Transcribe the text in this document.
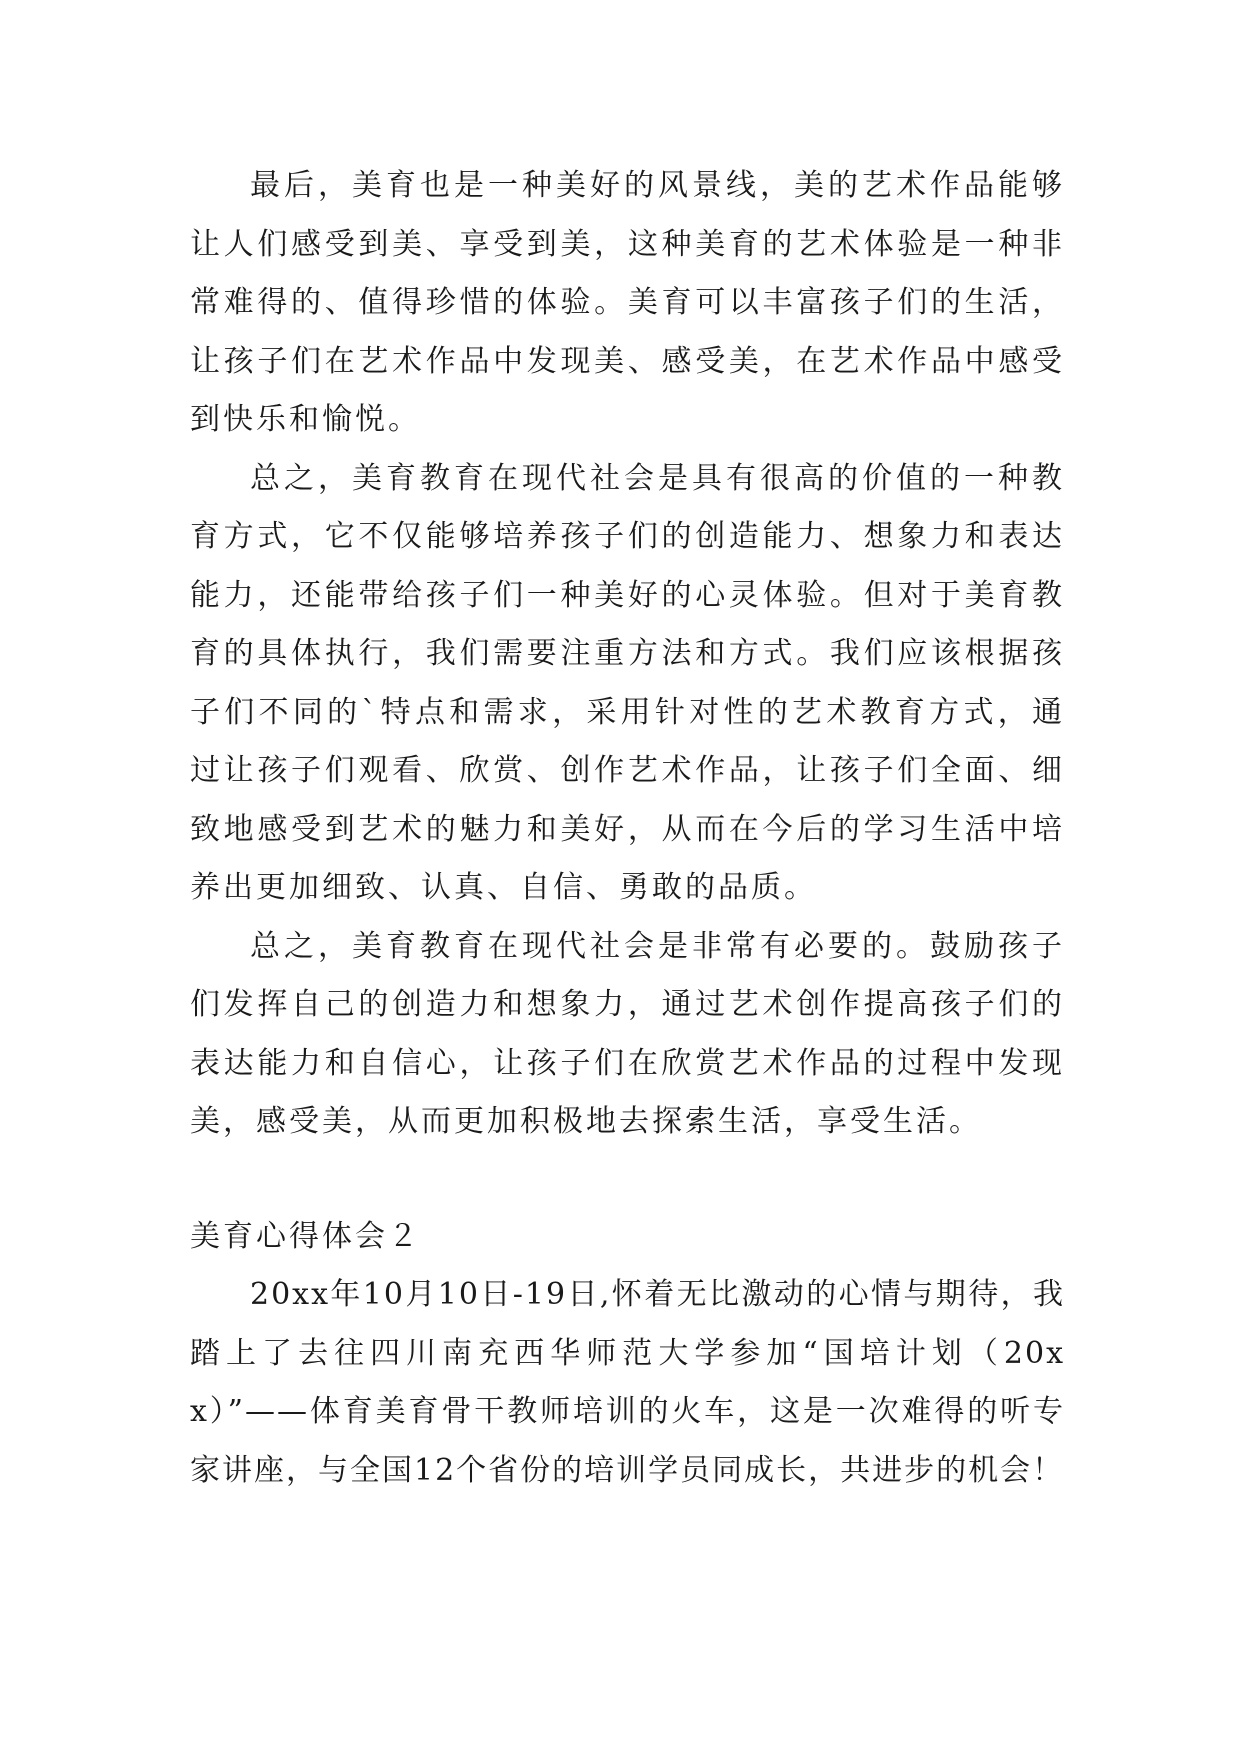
最后，美育也是一种美好的风景线，美的艺术作品能够让人们感受到美、享受到美，这种美育的艺术体验是一种非常难得的、值得珍惜的体验。美育可以丰富孩子们的生活，让孩子们在艺术作品中发现美、感受美，在艺术作品中感受到快乐和愉悦。

总之，美育教育在现代社会是具有很高的价值的一种教育方式，它不仅能够培养孩子们的创造能力、想象力和表达能力，还能带给孩子们一种美好的心灵体验。但对于美育教育的具体执行，我们需要注重方法和方式。我们应该根据孩子们不同的`特点和需求，采用针对性的艺术教育方式，通过让孩子们观看、欣赏、创作艺术作品，让孩子们全面、细致地感受到艺术的魅力和美好，从而在今后的学习生活中培养出更加细致、认真、自信、勇敢的品质。

总之，美育教育在现代社会是非常有必要的。鼓励孩子们发挥自己的创造力和想象力，通过艺术创作提高孩子们的表达能力和自信心，让孩子们在欣赏艺术作品的过程中发现美，感受美，从而更加积极地去探索生活，享受生活。

美育心得体会２

20xx年10月10日-19日,怀着无比激动的心情与期待，我踏上了去往四川南充西华师范大学参加“国培计划（20xx）”——体育美育骨干教师培训的火车，这是一次难得的听专家讲座，与全国12个省份的培训学员同成长，共进步的机会！
